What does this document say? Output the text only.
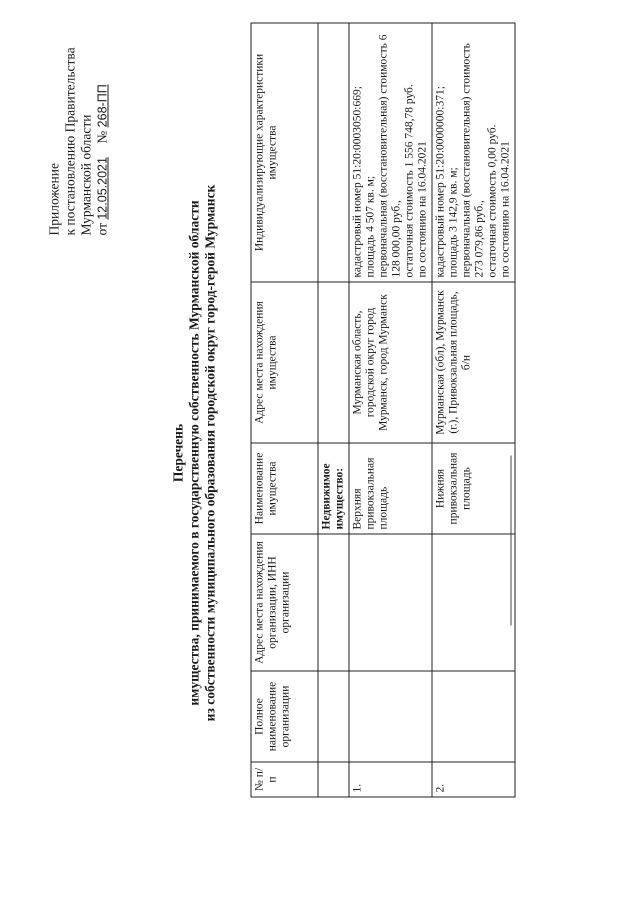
Приложение к постановлению Правительства Мурманской области от 12.05.2021    № 268-ПП
Перечень имущества, принимаемого в государственную собственность Мурманской области из собственности муниципального образования городской округ город-герой Мурманск
№ п/п	Полное наименование организации	Адрес места нахождения организации, ИНН организации	Наименование имущества	Адрес места нахождения имущества	Индивидуализирующие характеристики имущества
			Недвижимое имущество:		
1.			Верхняя привокзальная площадь	Мурманская область, городской округ город Мурманск, город Мурманск	кадастровый номер 51:20:0003050:669;
площадь 4 507 кв. м;
первоначальная (восстановительная) стоимость 6 128 000,00 руб.,
остаточная стоимость 1 556 748,78 руб.
по состоянию на 16.04.2021
2.			Нижняя привокзальная площадь	Мурманская (обл), Мурманск (г.), Привокзальная площадь, б/н	кадастровый номер 51:20:0000000:371;
площадь 3 142,9 кв. м;
первоначальная (восстановительная) стоимость 273 079,86 руб.,
остаточная стоимость 0,00 руб.
по состоянию на 16.04.2021
